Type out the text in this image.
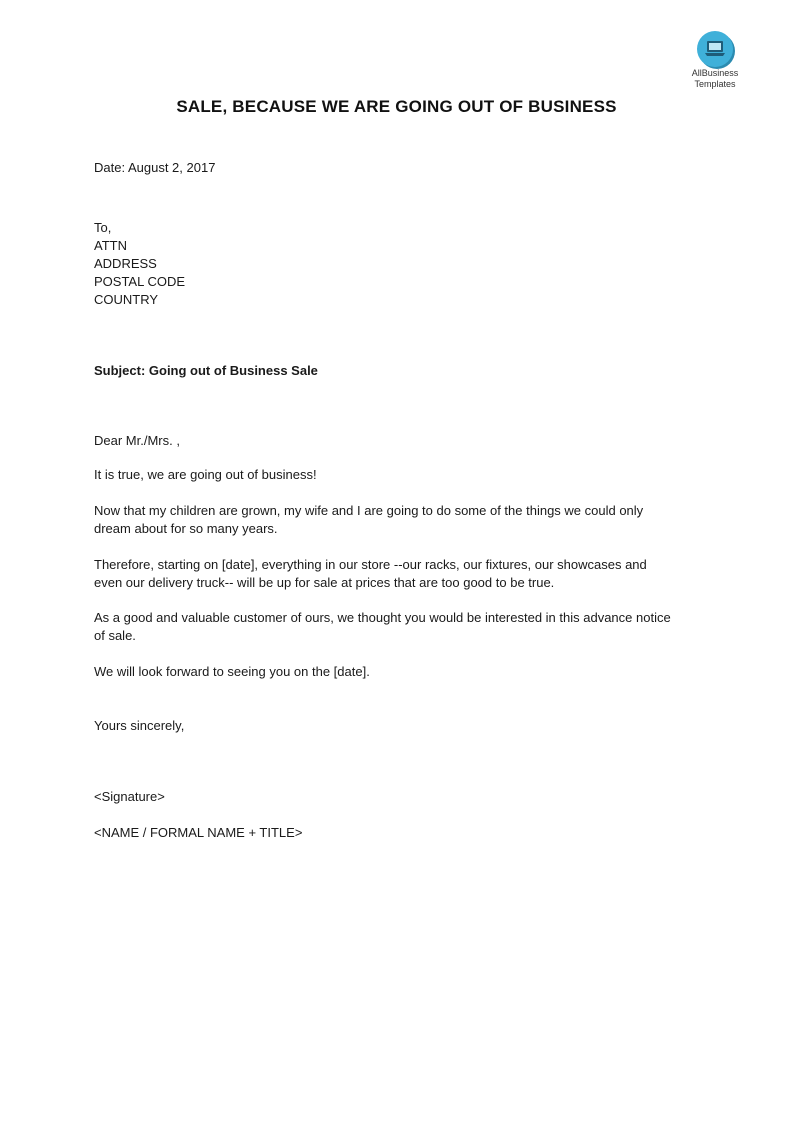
AllBusiness
Templates
SALE, BECAUSE WE ARE GOING OUT OF BUSINESS
Date: August 2, 2017
To,
ATTN
ADDRESS
POSTAL CODE
COUNTRY
Subject: Going out of Business Sale
Dear Mr./Mrs. ,
It is true, we are going out of business!
Now that my children are grown, my wife and I are going to do some of the things we could only
dream about for so many years.
Therefore, starting on [date], everything in our store --our racks, our fixtures, our showcases and
even our delivery truck-- will be up for sale at prices that are too good to be true.
As a good and valuable customer of ours, we thought you would be interested in this advance notice
of sale.
We will look forward to seeing you on the [date].
Yours sincerely,
<Signature>
<NAME / FORMAL NAME + TITLE>
